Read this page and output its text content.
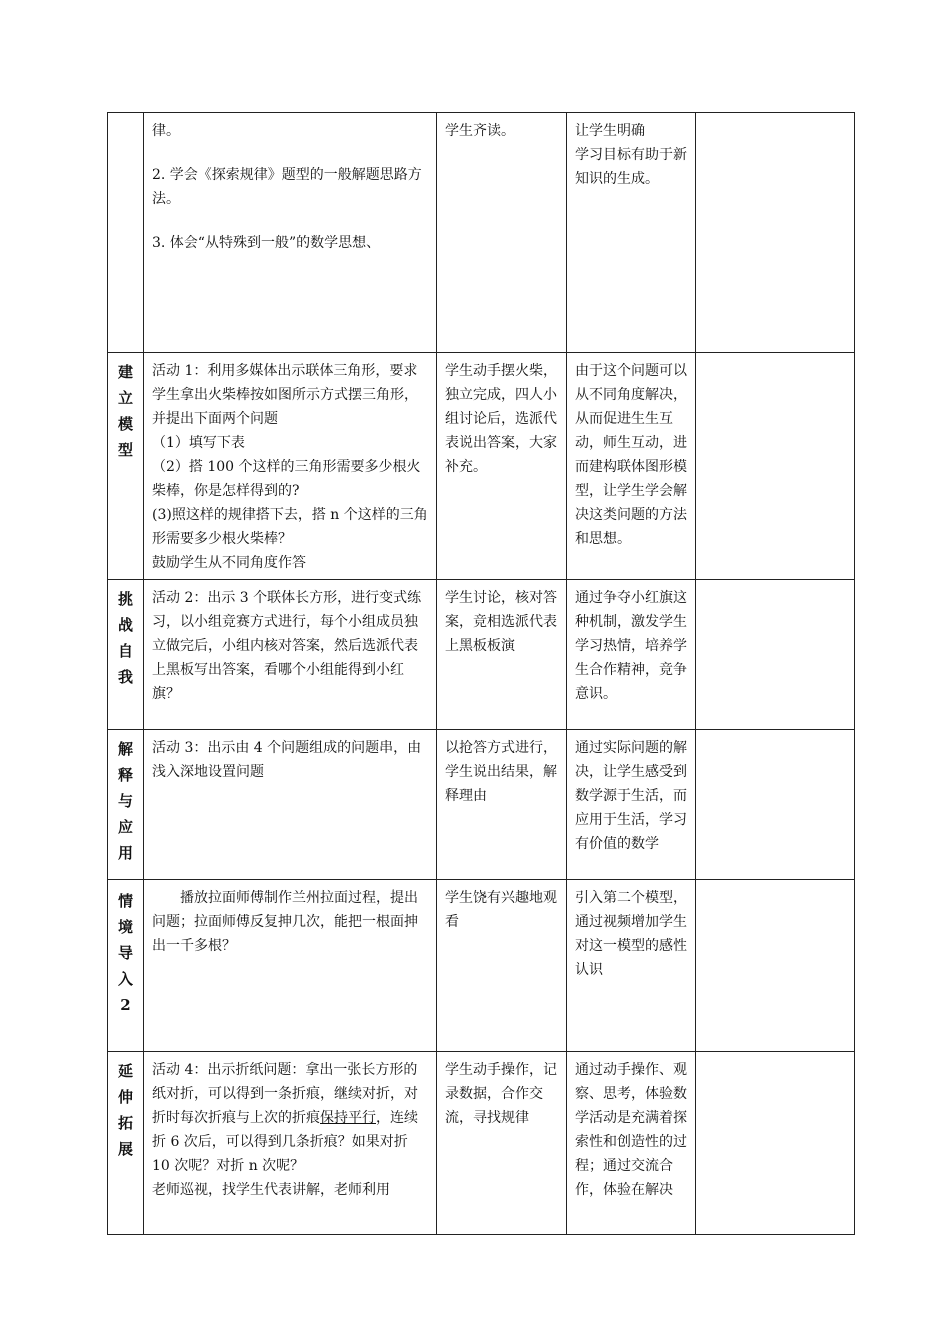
	律。
2. 学会《探索规律》题型的一般解题思路方法。
3. 体会“从特殊到一般”的数学思想、	学生齐读。	让学生明确
学习目标有助于新知识的生成。	

建立模型	活动 1：利用多媒体出示联体三角形，要求学生拿出火柴棒按如图所示方式摆三角形，并提出下面两个问题
（1）填写下表
（2）搭 100 个这样的三角形需要多少根火柴棒，你是怎样得到的?
(3)照这样的规律搭下去，搭 n 个这样的三角形需要多少根火柴棒？
鼓励学生从不同角度作答	学生动手摆火柴，独立完成，四人小组讨论后，选派代表说出答案，大家补充。	由于这个问题可以从不同角度解决，从而促进生生互动，师生互动，进而建构联体图形模型，让学生学会解决这类问题的方法和思想。	

挑战自我	活动 2：出示 3 个联体长方形，进行变式练习，以小组竞赛方式进行，每个小组成员独立做完后，小组内核对答案，然后选派代表上黑板写出答案，看哪个小组能得到小红旗？	学生讨论，核对答案，竞相选派代表上黑板板演	通过争夺小红旗这种机制，激发学生学习热情，培养学生合作精神，竞争意识。	

解释与应用	活动 3：出示由 4 个问题组成的问题串，由浅入深地设置问题	以抢答方式进行，学生说出结果，解释理由	通过实际问题的解决，让学生感受到数学源于生活，而应用于生活，学习有价值的数学	

情境导入2	播放拉面师傅制作兰州拉面过程，提出问题；拉面师傅反复抻几次，能把一根面抻出一千多根？	学生饶有兴趣地观看	引入第二个模型，通过视频增加学生对这一模型的感性认识	

延伸拓展	活动 4：出示折纸问题：拿出一张长方形的纸对折，可以得到一条折痕，继续对折，对折时每次折痕与上次的折痕保持平行，连续折 6 次后，可以得到几条折痕？如果对折 10 次呢？对折 n 次呢？
老师巡视，找学生代表讲解，老师利用	学生动手操作，记录数据，合作交流，寻找规律	通过动手操作、观察、思考，体验数学活动是充满着探索性和创造性的过程；通过交流合作，体验在解决	
